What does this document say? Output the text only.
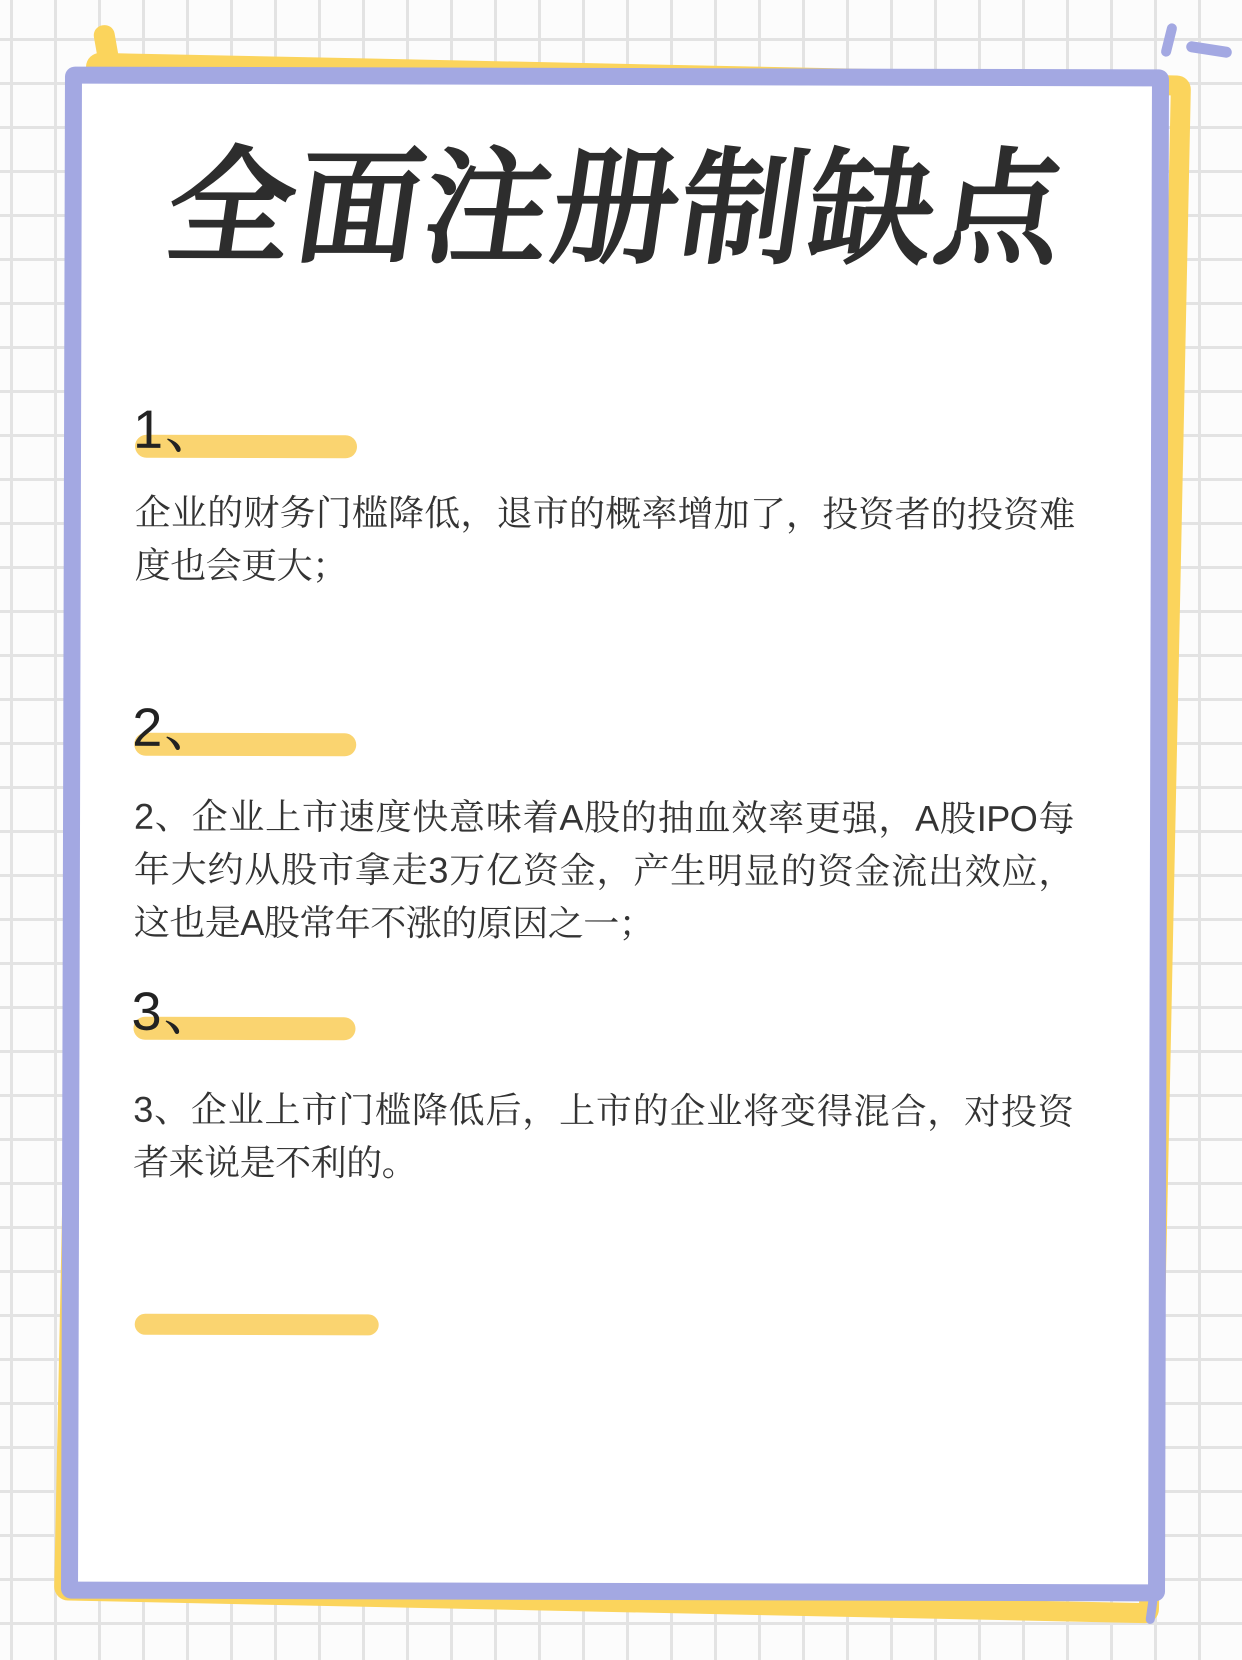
全面注册制缺点
1、

企业的财务门槛降低，退市的概率增加了，投资者的投资难度也会更大；

2、

2、企业上市速度快意味着A股的抽血效率更强，A股IPO每年大约从股市拿走3万亿资金，产生明显的资金流出效应，这也是A股常年不涨的原因之一；

3、

3、企业上市门槛降低后，上市的企业将变得混合，对投资者来说是不利的。
